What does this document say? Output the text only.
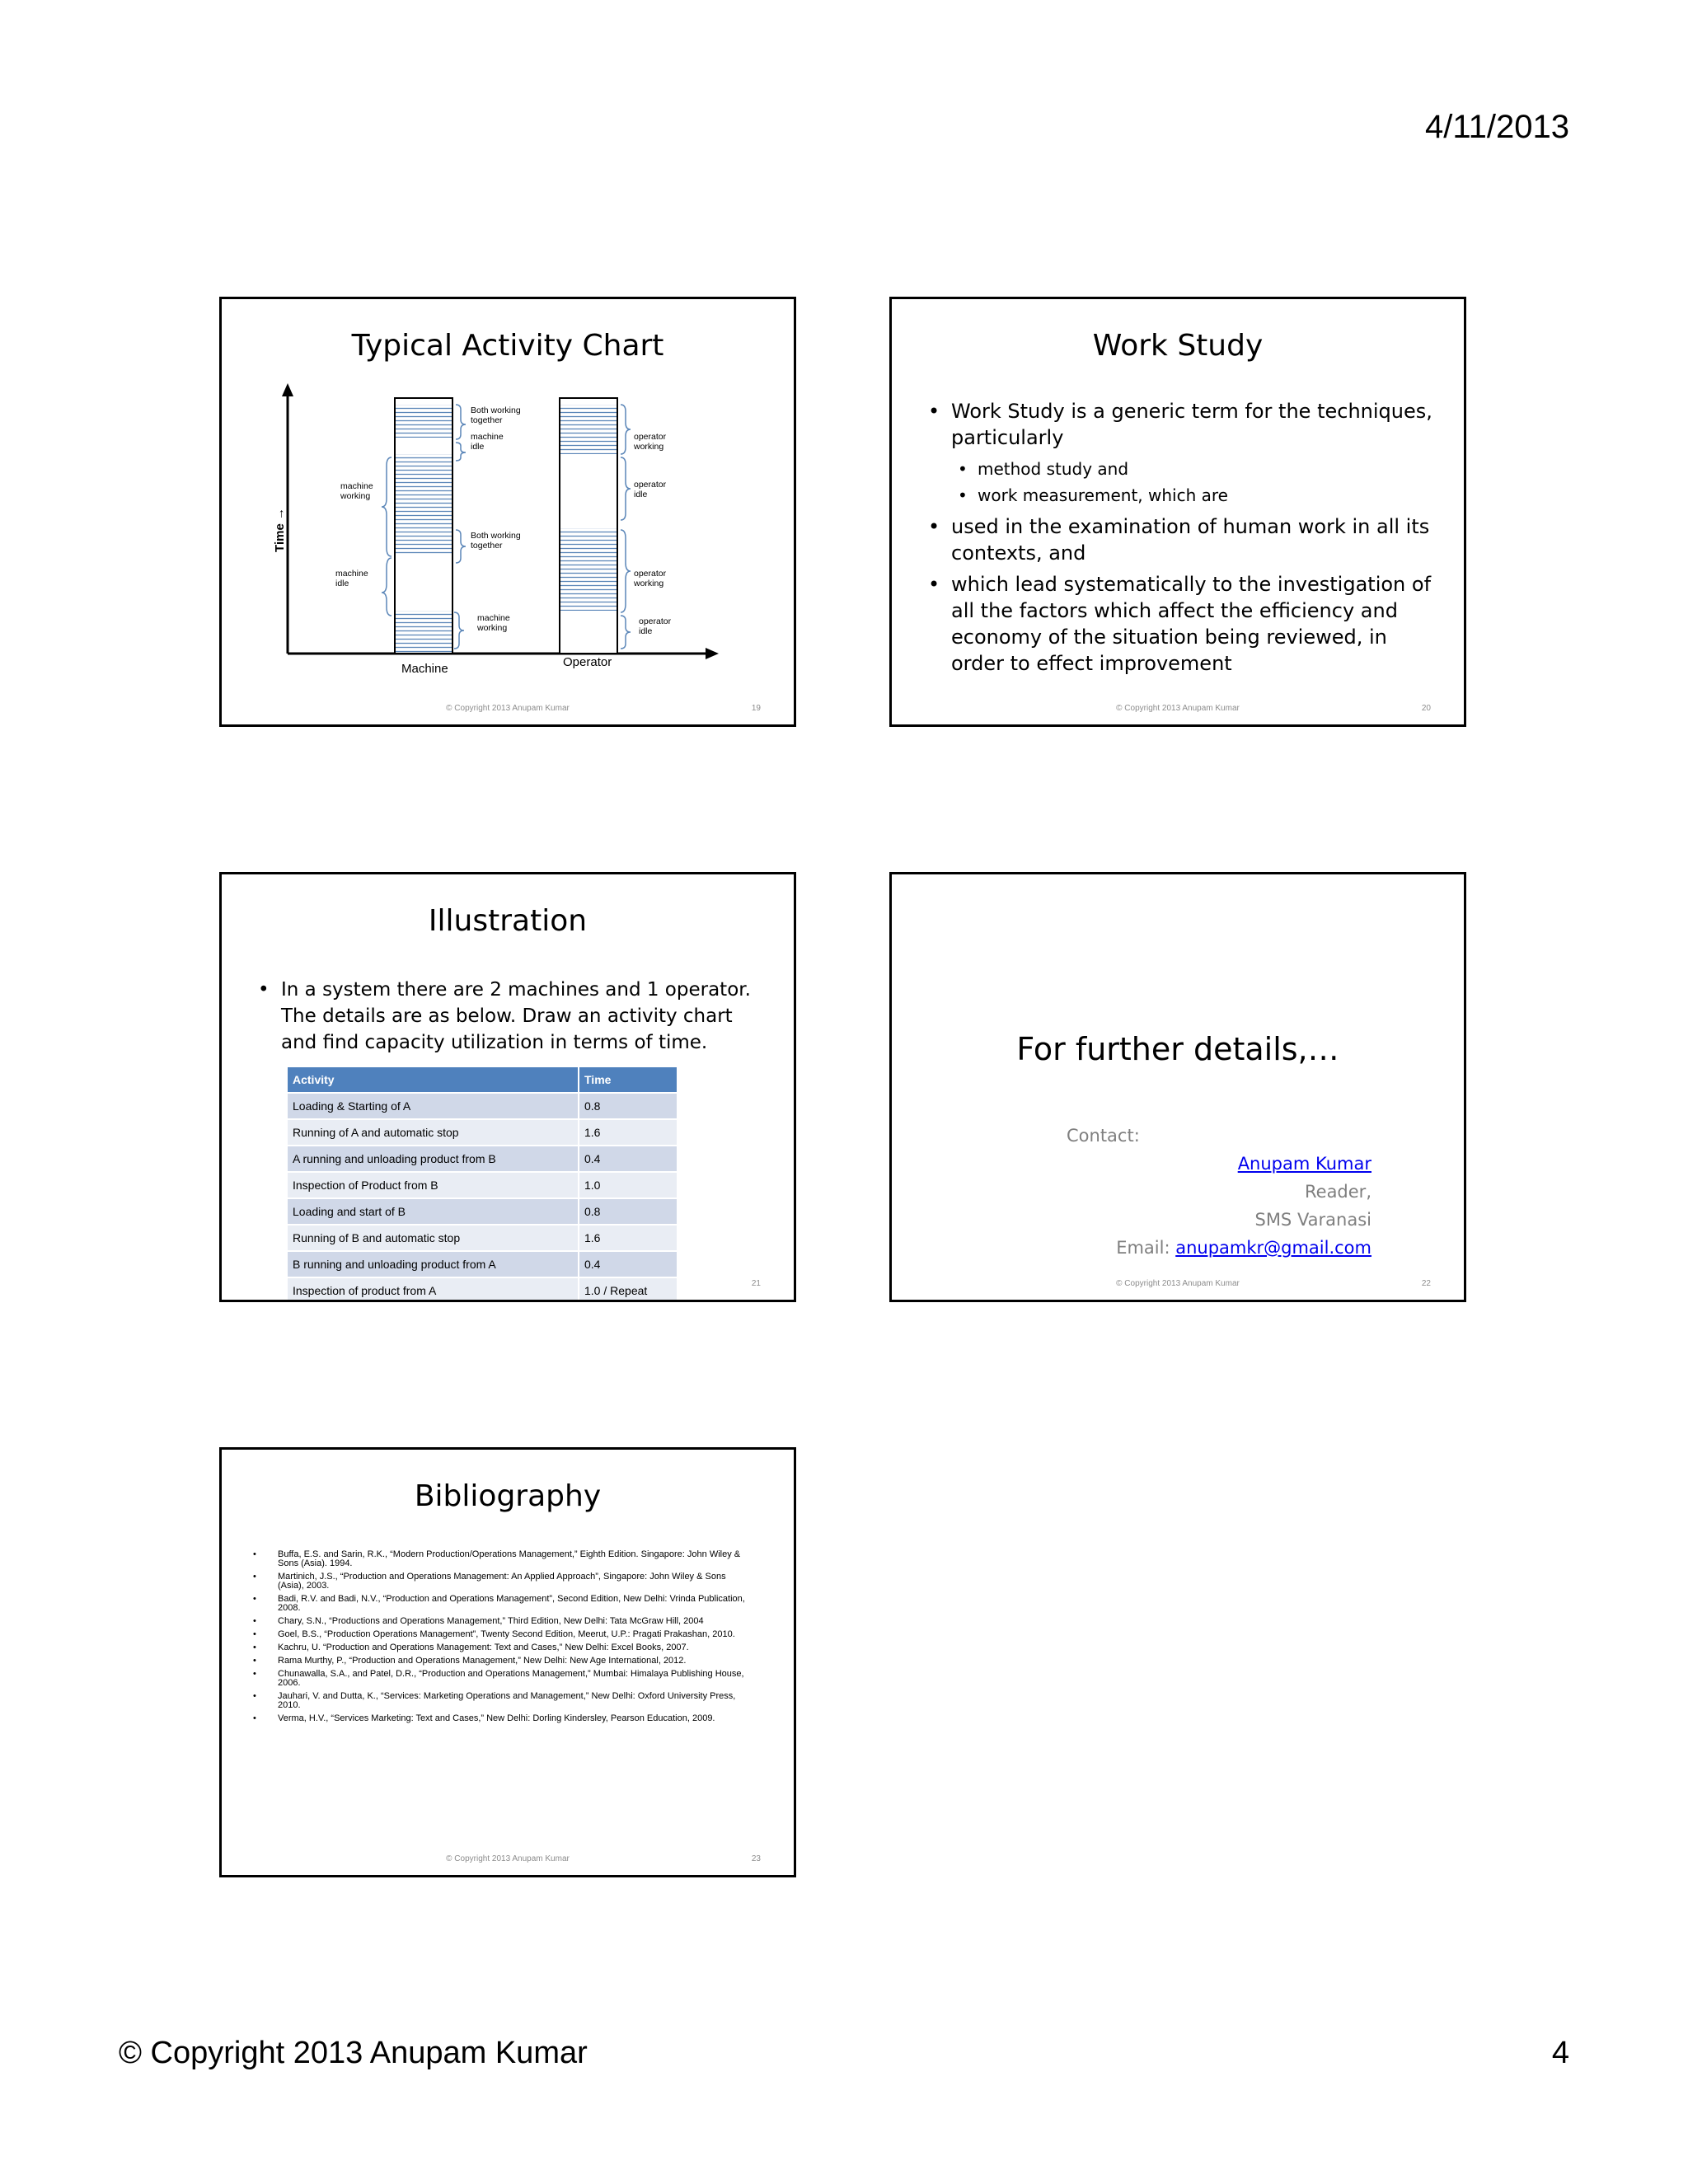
4/11/2013
Typical Activity Chart
Time →
Both working together
machine idle
operator working
operator idle
machine working
Both working together
machine idle
operator working
machine working
operator idle
Machine	Operator
© Copyright 2013 Anupam Kumar	19
Work Study
• Work Study is a generic term for the techniques, particularly
• method study and
• work measurement, which are
• used in the examination of human work in all its contexts, and
• which lead systematically to the investigation of all the factors which affect the efficiency and economy of the situation being reviewed, in order to effect improvement
© Copyright 2013 Anupam Kumar	20
Illustration
• In a system there are 2 machines and 1 operator. The details are as below. Draw an activity chart and find capacity utilization in terms of time.
Activity	Time
Loading & Starting of A	0.8
Running of A and automatic stop	1.6
A running and unloading product from B	0.4
Inspection of Product from B	1.0
Loading and start of B	0.8
Running of B and automatic stop	1.6
B running and unloading product from A	0.4
Inspection of product from A	1.0 / Repeat
21
For further details,…
Contact:
Anupam Kumar
Reader,
SMS Varanasi
Email: anupamkr@gmail.com
© Copyright 2013 Anupam Kumar	22
Bibliography
• Buffa, E.S. and Sarin, R.K., “Modern Production/Operations Management,” Eighth Edition. Singapore: John Wiley & Sons (Asia). 1994.
• Martinich, J.S., “Production and Operations Management: An Applied Approach”, Singapore: John Wiley & Sons (Asia), 2003.
• Badi, R.V. and Badi, N.V., “Production and Operations Management”, Second Edition, New Delhi: Vrinda Publication, 2008.
• Chary, S.N., “Productions and Operations Management,” Third Edition, New Delhi: Tata McGraw Hill, 2004
• Goel, B.S., “Production Operations Management”, Twenty Second Edition, Meerut, U.P.: Pragati Prakashan, 2010.
• Kachru, U. “Production and Operations Management: Text and Cases,” New Delhi: Excel Books, 2007.
• Rama Murthy, P., “Production and Operations Management,” New Delhi: New Age International, 2012.
• Chunawalla, S.A., and Patel, D.R., “Production and Operations Management,” Mumbai: Himalaya Publishing House, 2006.
• Jauhari, V. and Dutta, K., “Services: Marketing Operations and Management,” New Delhi: Oxford University Press, 2010.
• Verma, H.V., “Services Marketing: Text and Cases,” New Delhi: Dorling Kindersley, Pearson Education, 2009.
© Copyright 2013 Anupam Kumar	23
© Copyright 2013 Anupam Kumar	4
